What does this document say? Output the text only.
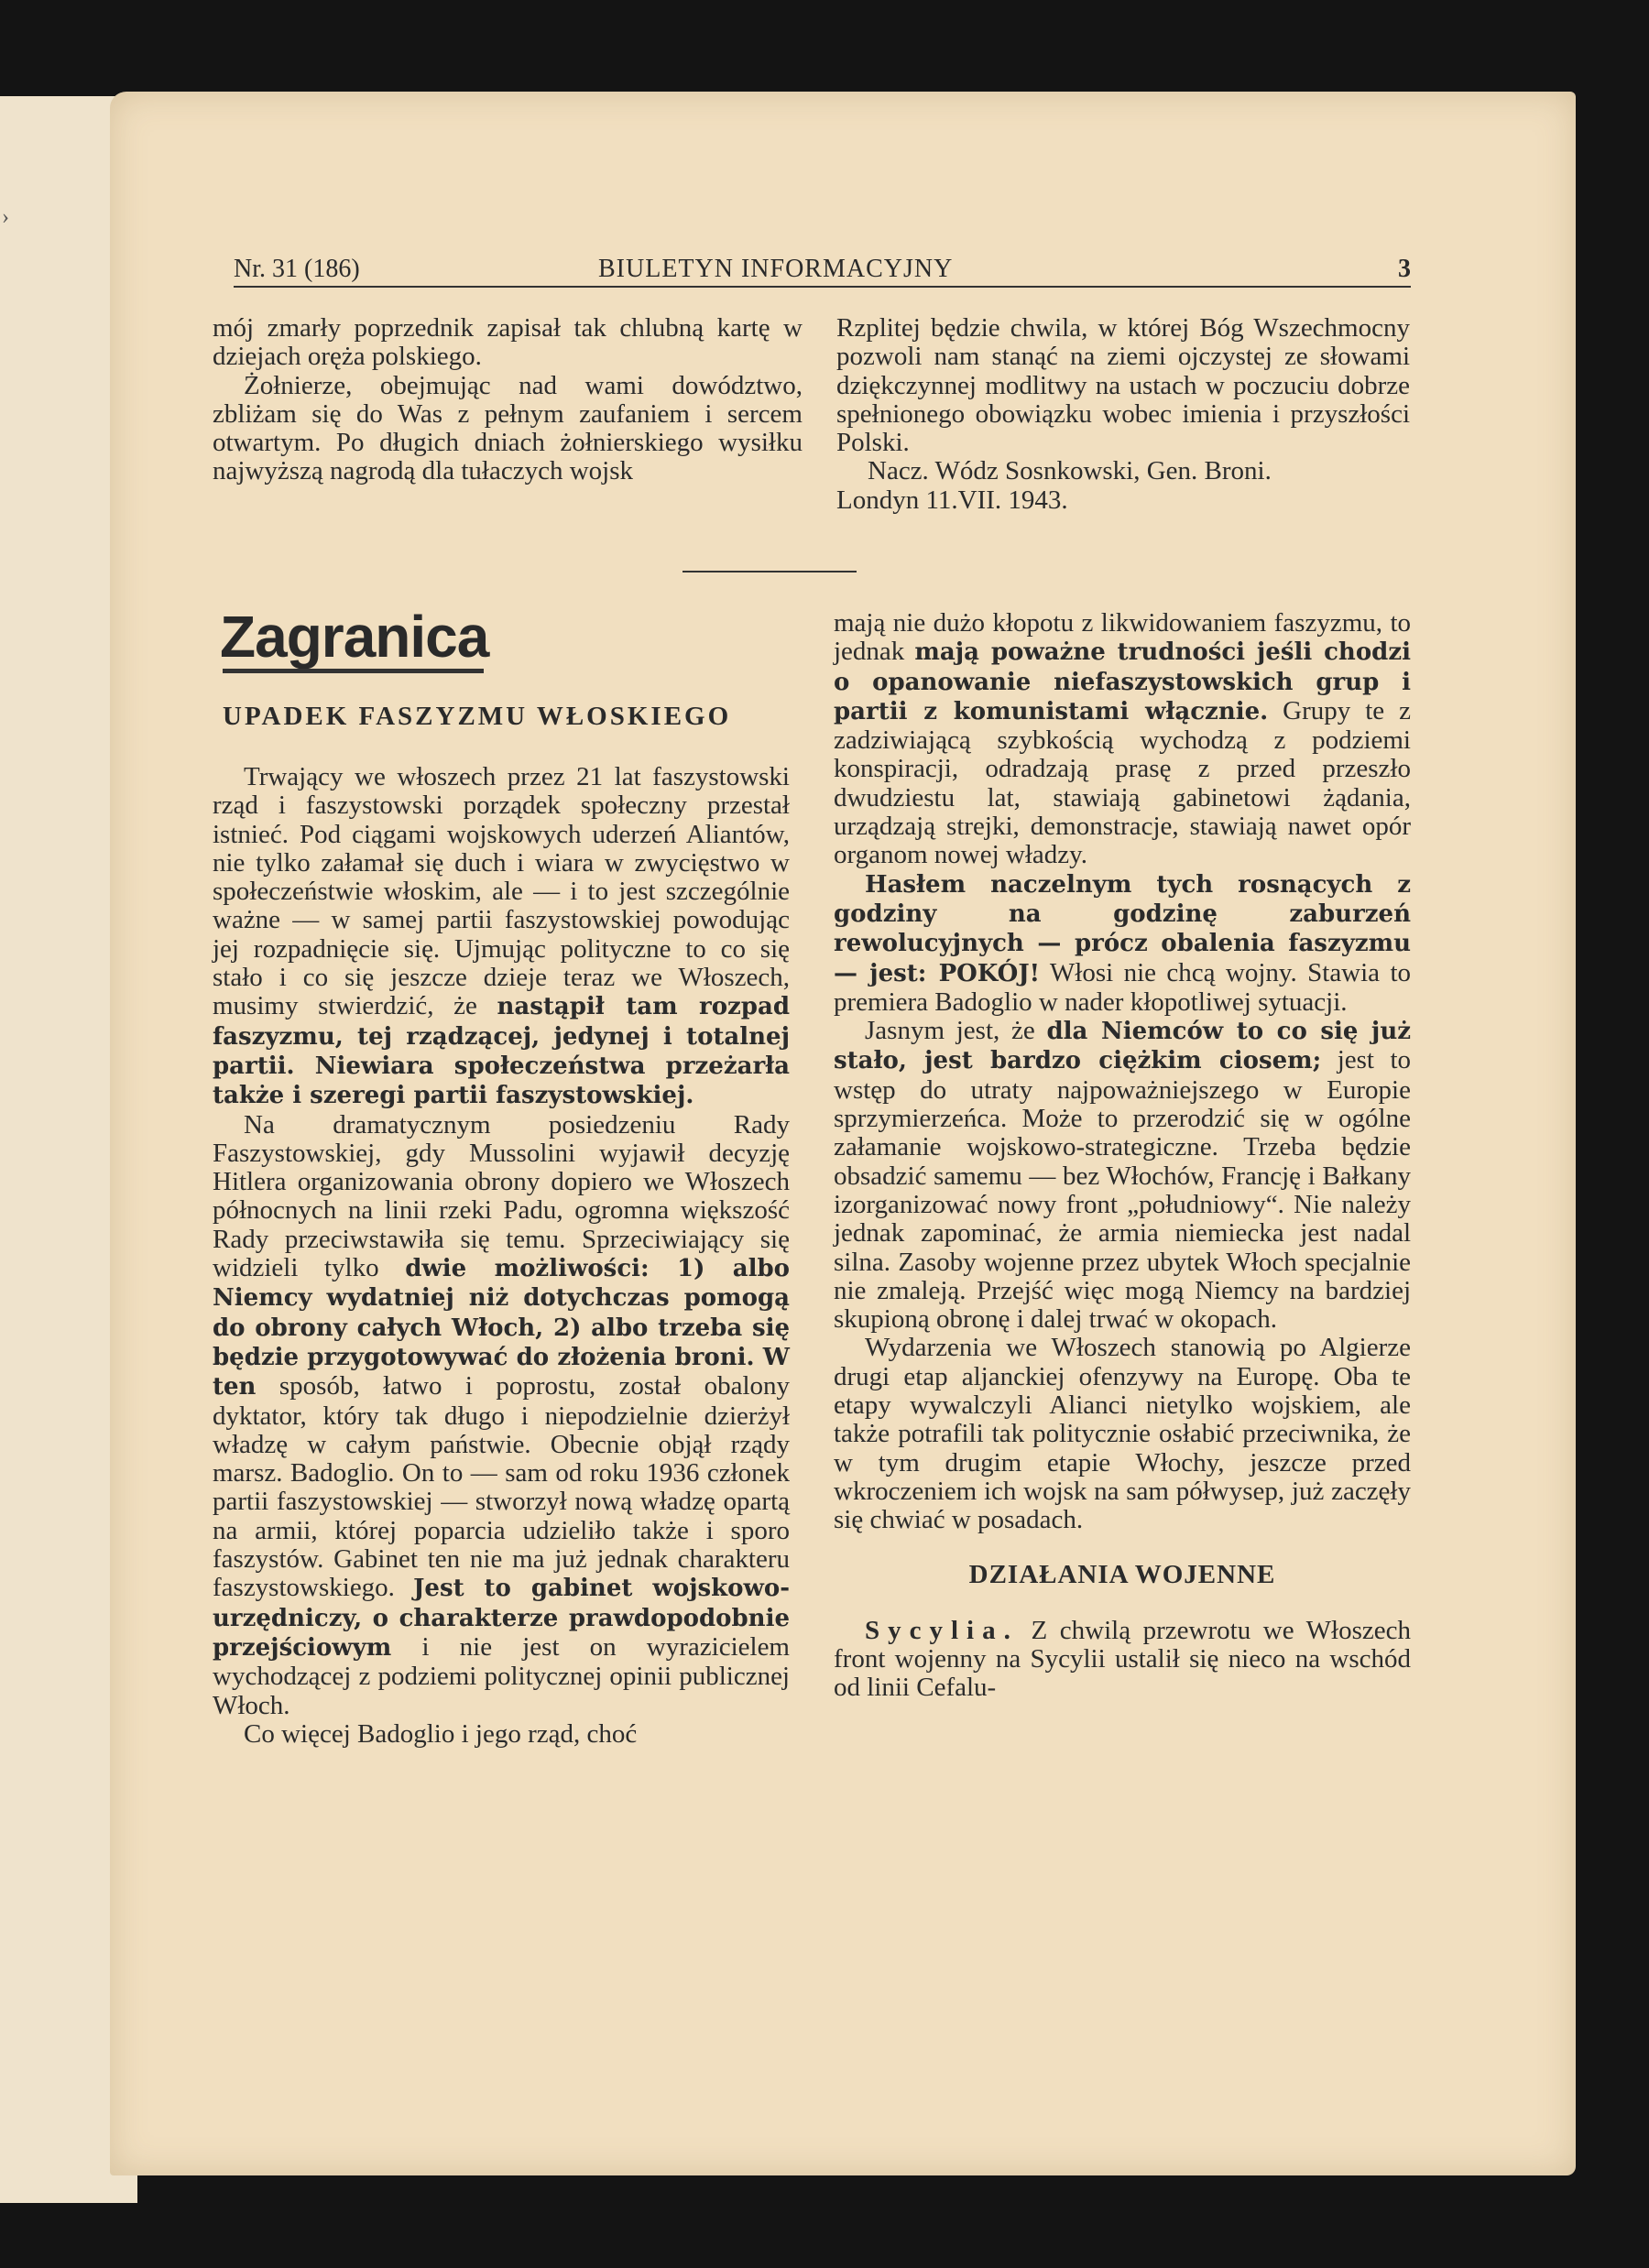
›
Nr. 31 (186)	BIULETYN INFORMACYJNY	3

mój zmarły poprzednik zapisał tak chlubną kartę w dziejach oręża polskiego.

Żołnierze, obejmując nad wami dowództwo, zbliżam się do Was z pełnym zaufaniem i sercem otwartym. Po długich dniach żołnierskiego wysiłku najwyższą nagrodą dla tułaczych wojsk

Rzplitej będzie chwila, w której Bóg Wszechmocny pozwoli nam stanąć na ziemi ojczystej ze słowami dziękczynnej modlitwy na ustach w poczuciu dobrze spełnionego obowiązku wobec imienia i przyszłości Polski.

Nacz. Wódz Sosnkowski, Gen. Broni.

Londyn 11.VII. 1943.

Zagranica
UPADEK FASZYZMU WŁOSKIEGO

Trwający we włoszech przez 21 lat faszystowski rząd i faszystowski porządek społeczny przestał istnieć. Pod ciągami wojskowych uderzeń Aliantów, nie tylko załamał się duch i wiara w zwycięstwo w społeczeństwie włoskim, ale — i to jest szczególnie ważne — w samej partii faszystowskiej powodując jej rozpadnięcie się. Ujmując polityczne to co się stało i co się jeszcze dzieje teraz we Włoszech, musimy stwierdzić, że nastąpił tam rozpad faszyzmu, tej rządzącej, jedynej i totalnej partii. Niewiara społeczeństwa przeżarła także i szeregi partii faszystowskiej.

Na dramatycznym posiedzeniu Rady Faszystowskiej, gdy Mussolini wyjawił decyzję Hitlera organizowania obrony dopiero we Włoszech północnych na linii rzeki Padu, ogromna większość Rady przeciwstawiła się temu. Sprzeciwiający się widzieli tylko dwie możliwości: 1) albo Niemcy wydatniej niż dotychczas pomogą do obrony całych Włoch, 2) albo trzeba się będzie przygotowywać do złożenia broni. W ten sposób, łatwo i poprostu, został obalony dyktator, który tak długo i niepodzielnie dzierżył władzę w całym państwie. Obecnie objął rządy marsz. Badoglio. On to — sam od roku 1936 członek partii faszystowskiej — stworzył nową władzę opartą na armii, której poparcia udzieliło także i sporo faszystów. Gabinet ten nie ma już jednak charakteru faszystowskiego. Jest to gabinet wojskowo-urzędniczy, o charakterze prawdopodobnie przejściowym i nie jest on wyrazicielem wychodzącej z podziemi politycznej opinii publicznej Włoch.

Co więcej Badoglio i jego rząd, choć

mają nie dużo kłopotu z likwidowaniem faszyzmu, to jednak mają poważne trudności jeśli chodzi o opanowanie niefaszystowskich grup i partii z komunistami włącznie. Grupy te z zadziwiającą szybkością wychodzą z podziemi konspiracji, odradzają prasę z przed przeszło dwudziestu lat, stawiają gabinetowi żądania, urządzają strejki, demonstracje, stawiają nawet opór organom nowej władzy.

Hasłem naczelnym tych rosnących z godziny na godzinę zaburzeń rewolucyjnych — prócz obalenia faszyzmu — jest: POKÓJ! Włosi nie chcą wojny. Stawia to premiera Badoglio w nader kłopotliwej sytuacji.

Jasnym jest, że dla Niemców to co się już stało, jest bardzo ciężkim ciosem; jest to wstęp do utraty najpoważniejszego w Europie sprzymierzeńca. Może to przerodzić się w ogólne załamanie wojskowo-strategiczne. Trzeba będzie obsadzić samemu — bez Włochów, Francję i Bałkany izorganizować nowy front „południowy“. Nie należy jednak zapominać, że armia niemiecka jest nadal silna. Zasoby wojenne przez ubytek Włoch specjalnie nie zmaleją. Przejść więc mogą Niemcy na bardziej skupioną obronę i dalej trwać w okopach.

Wydarzenia we Włoszech stanowią po Algierze drugi etap aljanckiej ofenzywy na Europę. Oba te etapy wywalczyli Alianci nietylko wojskiem, ale także potrafili tak politycznie osłabić przeciwnika, że w tym drugim etapie Włochy, jeszcze przed wkroczeniem ich wojsk na sam półwysep, już zaczęły się chwiać w posadach.

DZIAŁANIA WOJENNE

Sycylia. Z chwilą przewrotu we Włoszech front wojenny na Sycylii ustalił się nieco na wschód od linii Cefalu-
